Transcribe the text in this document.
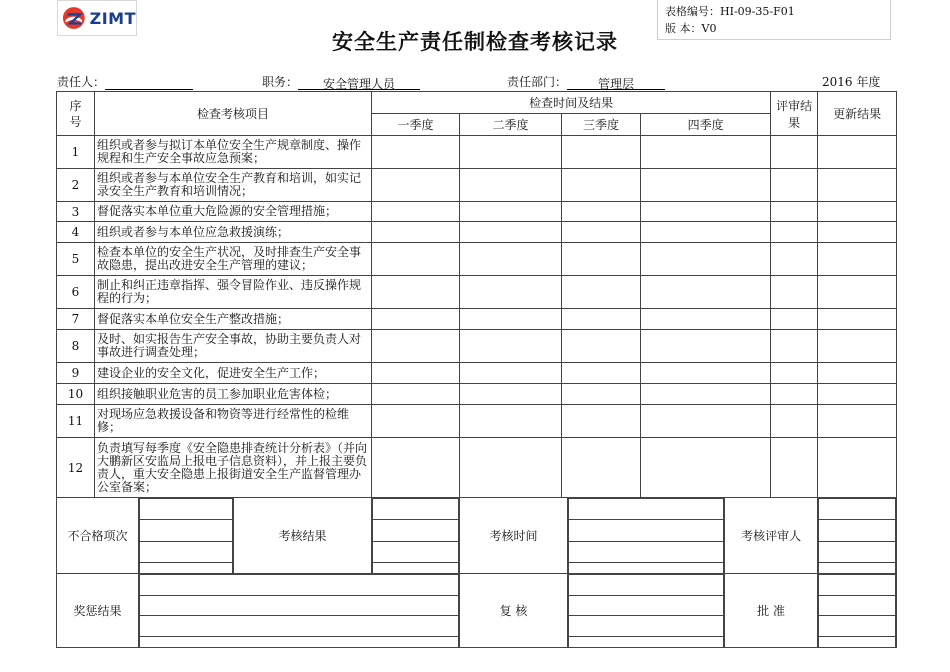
ZIMT	表格编号：HI-09-35-F01
版 本：V0
安全生产责任制检查考核记录
责任人：	职务： 安全管理人员	责任部门：	管理层	2016 年度
序号	检查考核项目	检查时间及结果	评审结果	更新结果
一季度	二季度	三季度	四季度
1	组织或者参与拟订本单位安全生产规章制度、操作规程和生产安全事故应急预案；						
2	组织或者参与本单位安全生产教育和培训，如实记录安全生产教育和培训情况；						
3	督促落实本单位重大危险源的安全管理措施；						
4	组织或者参与本单位应急救援演练；						
5	检查本单位的安全生产状况，及时排查生产安全事故隐患，提出改进安全生产管理的建议；						
6	制止和纠正违章指挥、强令冒险作业、违反操作规程的行为；						
7	督促落实本单位安全生产整改措施；						
8	及时、如实报告生产安全事故，协助主要负责人对事故进行调查处理；						
9	建设企业的安全文化，促进安全生产工作；						
10	组织接触职业危害的员工参加职业危害体检；						
11	对现场应急救援设备和物资等进行经常性的检维修；						
12	负责填写每季度《安全隐患排查统计分析表》（并向大鹏新区安监局上报电子信息资料），并上报主要负责人，重大安全隐患上报街道安全生产监督管理办公室备案；						
不合格项次		考核结果		考核时间		考核评审人	

奖惩结果		复 核		批 准	
